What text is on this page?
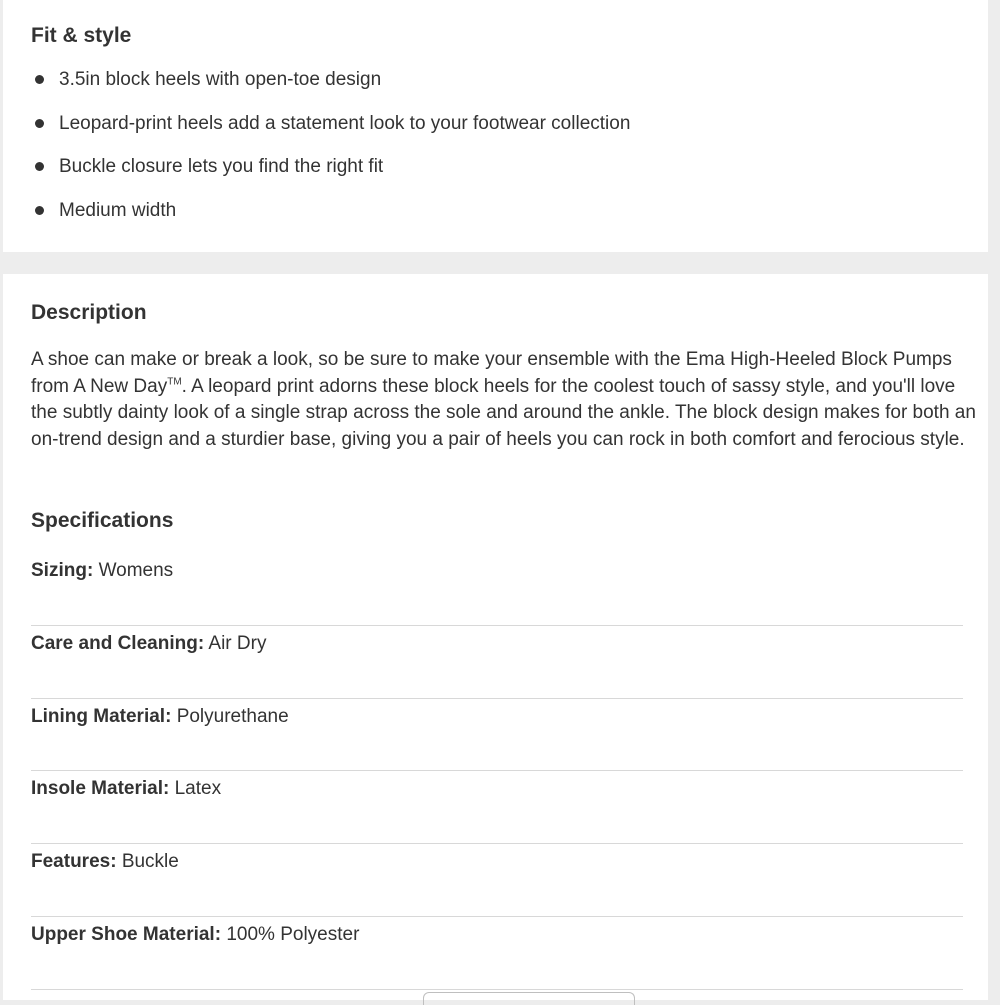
Fit & style
3.5in block heels with open-toe design
Leopard-print heels add a statement look to your footwear collection
Buckle closure lets you find the right fit
Medium width
Description

A shoe can make or break a look, so be sure to make your ensemble with the Ema High-Heeled Block Pumps from A New Day™. A leopard print adorns these block heels for the coolest touch of sassy style, and you'll love the subtly dainty look of a single strap across the sole and around the ankle. The block design makes for both an on-trend design and a sturdier base, giving you a pair of heels you can rock in both comfort and ferocious style.

Specifications
Sizing: Womens
Care and Cleaning: Air Dry
Lining Material: Polyurethane
Insole Material: Latex
Features: Buckle
Upper Shoe Material: 100% Polyester
